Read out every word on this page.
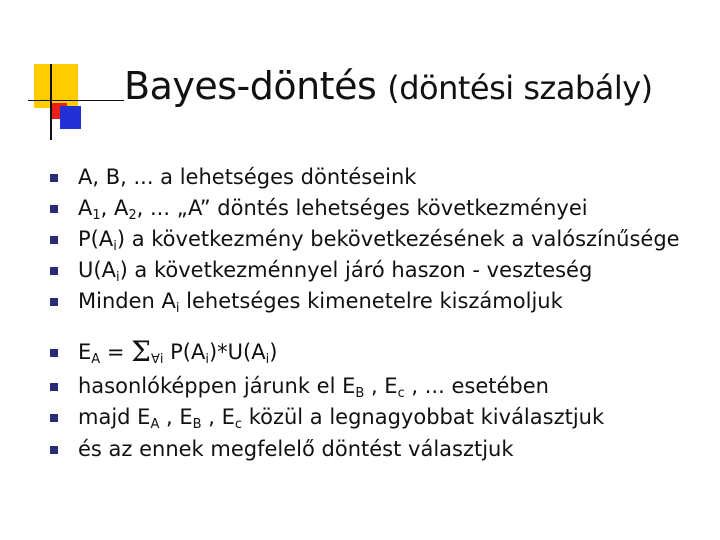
Bayes-döntés (döntési szabály)
A, B, ... a lehetséges döntéseink
$A_1$, $A_2$, ... „A” döntés lehetséges következményei
$P(A_i)$ a következmény bekövetkezésének a valószínűsége
$U(A_i)$ a következménnyel járó haszon - veszteség
Minden $A_i$ lehetséges kimenetelre kiszámoljuk
$E_A = \Sigma_{\forall i}$ $P(A_i)*U(A_i)$
hasonlóképpen járunk el $E_B$ , $E_c$ , ... esetében
majd $E_A$ , $E_B$ , $E_c$ közül a legnagyobbat kiválasztjuk
és az ennek megfelelő döntést választjuk
